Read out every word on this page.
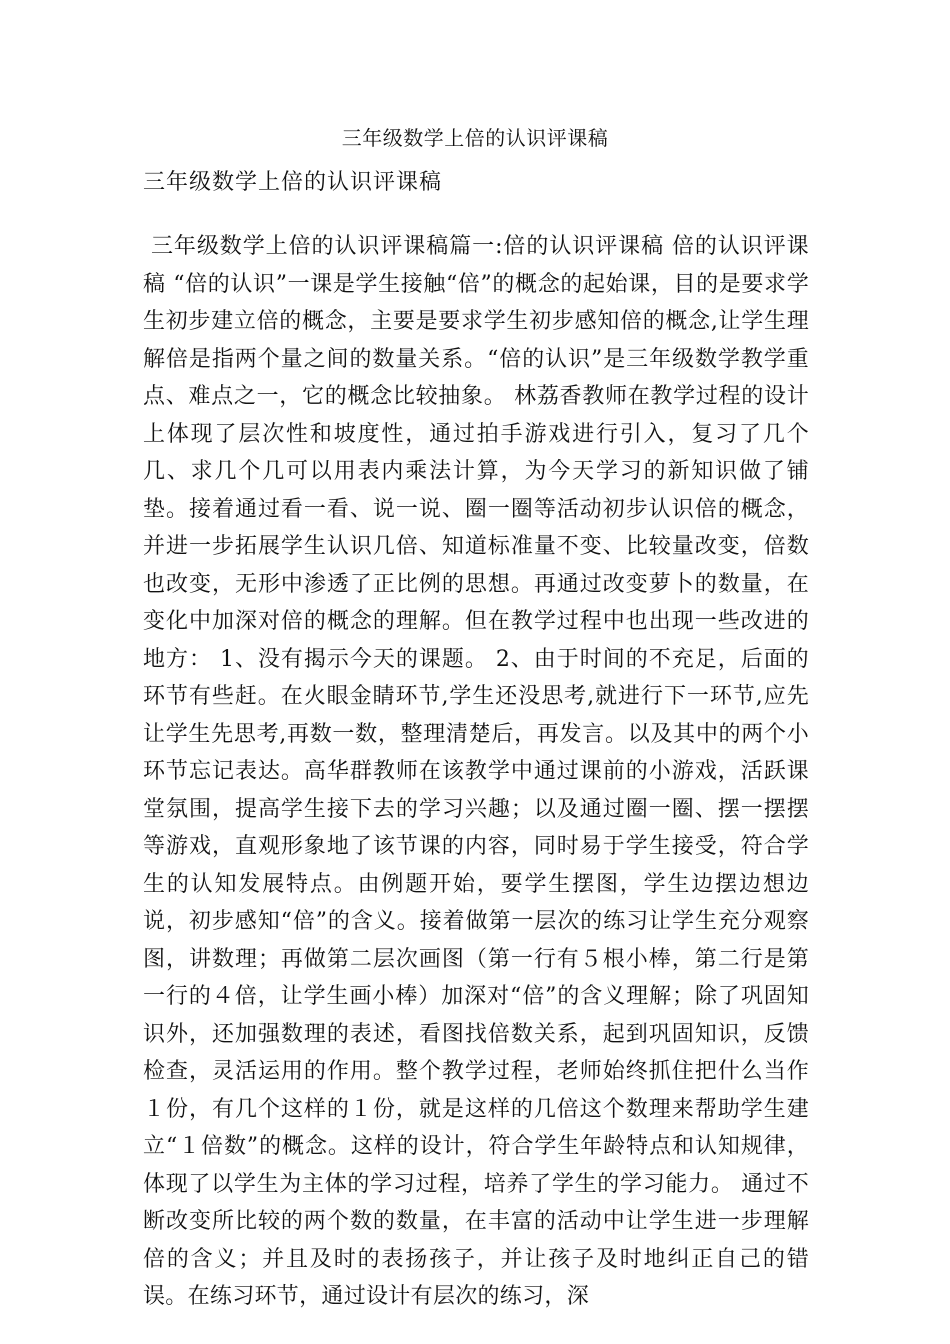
三年级数学上倍的认识评课稿
三年级数学上倍的认识评课稿
三年级数学上倍的认识评课稿篇一:倍的认识评课稿 倍的认识评课稿 “倍的认识”一课是学生接触“倍”的概念的起始课，目的是要求学生初步建立倍的概念，主要是要求学生初步感知倍的概念,让学生理解倍是指两个量之间的数量关系。“倍的认识”是三年级数学教学重点、难点之一，它的概念比较抽象。 林荔香教师在教学过程的设计上体现了层次性和坡度性，通过拍手游戏进行引入，复习了几个几、求几个几可以用表内乘法计算，为今天学习的新知识做了铺垫。接着通过看一看、说一说、圈一圈等活动初步认识倍的概念，并进一步拓展学生认识几倍、知道标准量不变、比较量改变，倍数也改变，无形中渗透了正比例的思想。再通过改变萝卜的数量，在变化中加深对倍的概念的理解。但在教学过程中也出现一些改进的地方： 1、没有揭示今天的课题。 2、由于时间的不充足，后面的环节有些赶。在火眼金睛环节,学生还没思考,就进行下一环节,应先让学生先思考,再数一数，整理清楚后，再发言。以及其中的两个小环节忘记表达。高华群教师在该教学中通过课前的小游戏，活跃课堂氛围，提高学生接下去的学习兴趣；以及通过圈一圈、摆一摆摆等游戏，直观形象地了该节课的内容，同时易于学生接受，符合学生的认知发展特点。由例题开始，要学生摆图，学生边摆边想边说，初步感知“倍”的含义。接着做第一层次的练习让学生充分观察图，讲数理；再做第二层次画图（第一行有５根小棒，第二行是第一行的４倍，让学生画小棒）加深对“倍”的含义理解；除了巩固知识外，还加强数理的表述，看图找倍数关系，起到巩固知识，反馈检查，灵活运用的作用。整个教学过程，老师始终抓住把什么当作１份，有几个这样的１份，就是这样的几倍这个数理来帮助学生建立“１倍数”的概念。这样的设计，符合学生年龄特点和认知规律，体现了以学生为主体的学习过程，培养了学生的学习能力。 通过不断改变所比较的两个数的数量，在丰富的活动中让学生进一步理解倍的含义；并且及时的表扬孩子，并让孩子及时地纠正自己的错误。在练习环节，通过设计有层次的练习，深
